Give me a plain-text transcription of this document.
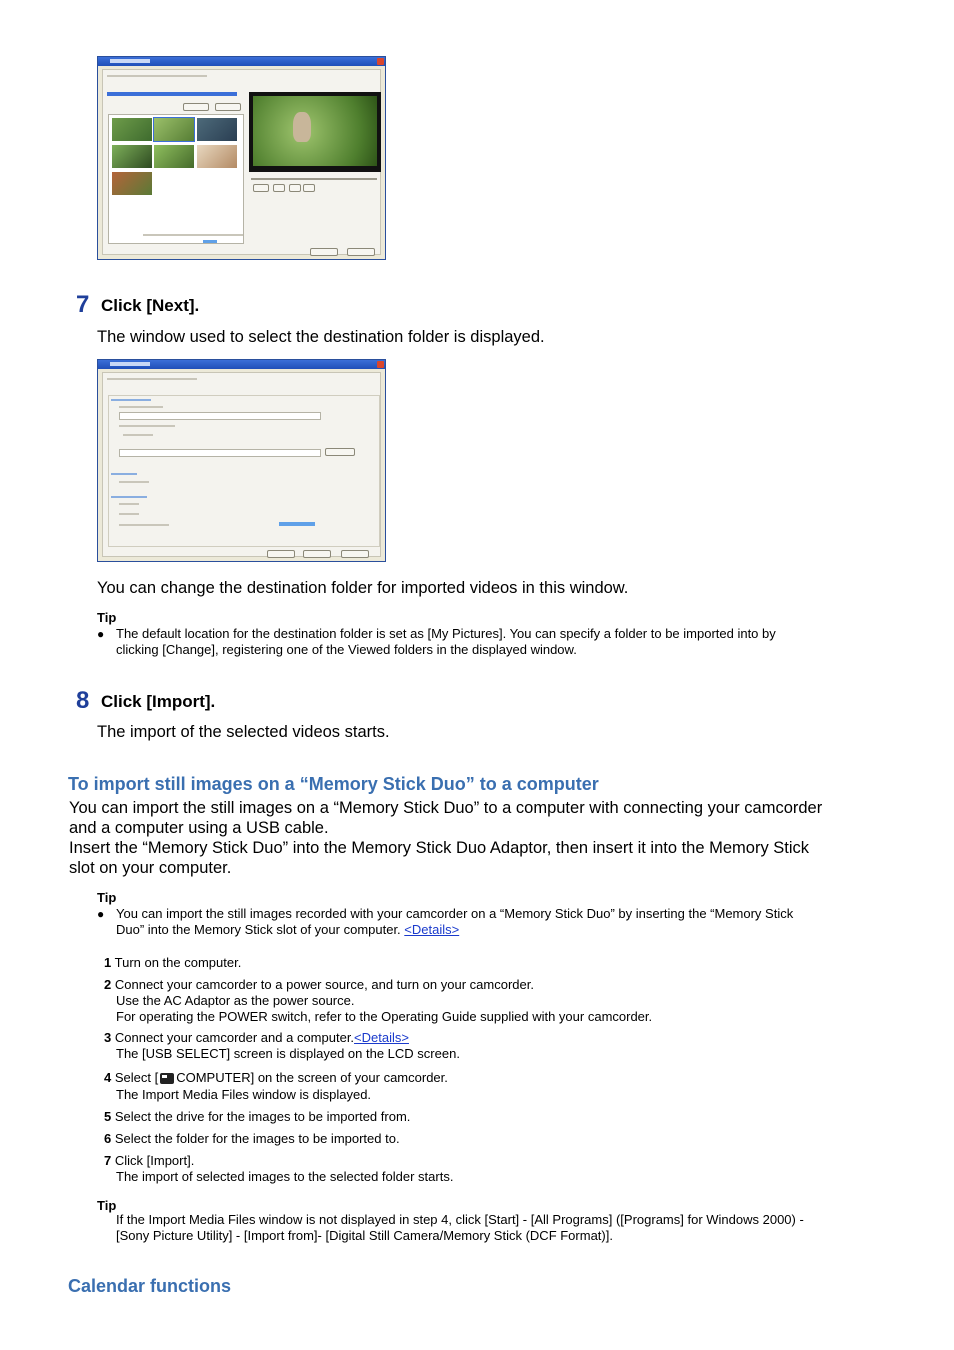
7 Click [Next].
The window used to select the destination folder is displayed.
You can change the destination folder for imported videos in this window.
Tip
● The default location for the destination folder is set as [My Pictures]. You can specify a folder to be imported into by
clicking [Change], registering one of the Viewed folders in the displayed window.
8 Click [Import].
The import of the selected videos starts.
To import still images on a “Memory Stick Duo” to a computer
You can import the still images on a “Memory Stick Duo” to a computer with connecting your camcorder
and a computer using a USB cable.
Insert the “Memory Stick Duo” into the Memory Stick Duo Adaptor, then insert it into the Memory Stick
slot on your computer.
Tip
● You can import the still images recorded with your camcorder on a “Memory Stick Duo” by inserting the “Memory Stick
Duo” into the Memory Stick slot of your computer. <Details>
1 Turn on the computer.
2 Connect your camcorder to a power source, and turn on your camcorder.
Use the AC Adaptor as the power source.
For operating the POWER switch, refer to the Operating Guide supplied with your camcorder.
3 Connect your camcorder and a computer.<Details>
The [USB SELECT] screen is displayed on the LCD screen.
4
Select [ COMPUTER] on the screen of your camcorder.
The Import Media Files window is displayed.
5 Select the drive for the images to be imported from.
6 Select the folder for the images to be imported to.
7 Click [Import].
The import of selected images to the selected folder starts.
Tip
If the Import Media Files window is not displayed in step 4, click [Start] - [All Programs] ([Programs] for Windows 2000) -
[Sony Picture Utility] - [Import from]- [Digital Still Camera/Memory Stick (DCF Format)].
Calendar functions
